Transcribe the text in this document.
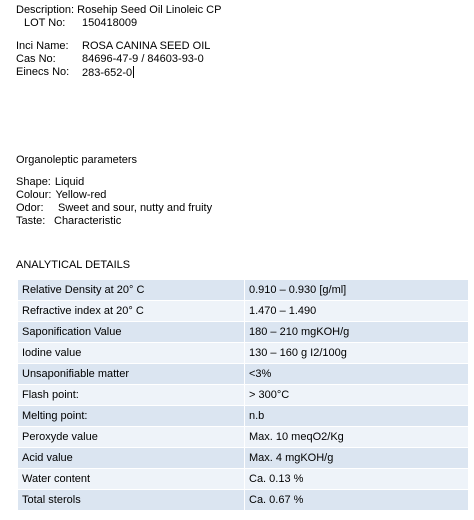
Description: Rosehip Seed Oil Linoleic CP
LOT No: 150418009
Inci Name: ROSA CANINA SEED OIL
Cas No: 84696-47-9 / 84603-93-0
Einecs No: 283-652-0
Organoleptic parameters
Shape: Liquid
Colour: Yellow-red
Odor: Sweet and sour, nutty and fruity
Taste: Characteristic
ANALYTICAL DETAILS
Relative Density at 20° C	0.910 – 0.930 [g/ml]
Refractive index at 20° C	1.470 – 1.490
Saponification Value	180 – 210 mgKOH/g
Iodine value	130 – 160 g I2/100g
Unsaponifiable matter	<3%
Flash point:	> 300°C
Melting point:	n.b
Peroxyde value	Max. 10 meqO2/Kg
Acid value	Max. 4 mgKOH/g
Water content	Ca. 0.13 %
Total sterols	Ca. 0.67 %
